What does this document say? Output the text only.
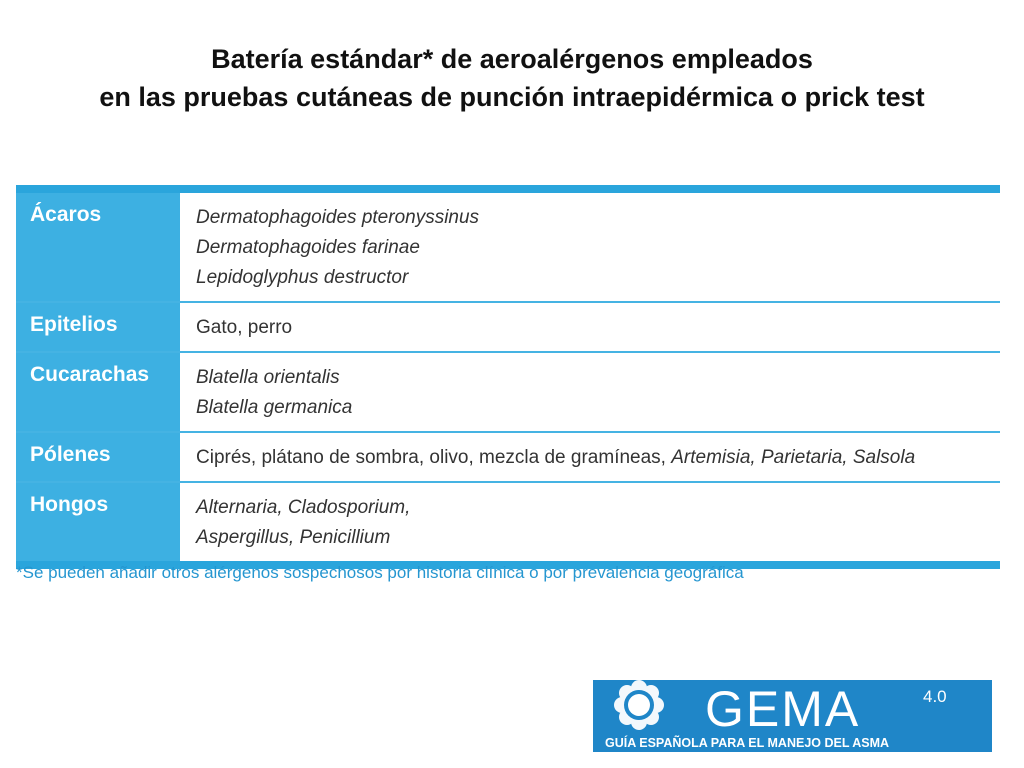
Batería estándar* de aeroalérgenos empleados
en las pruebas cutáneas de punción intraepidérmica o prick test
Ácaros	Dermatophagoides pteronyssinus
Dermatophagoides farinae
Lepidoglyphus destructor
Epitelios	Gato, perro
Cucarachas	Blatella orientalis
Blatella germanica
Pólenes	Ciprés, plátano de sombra, olivo, mezcla de gramíneas, Artemisia, Parietaria, Salsola
Hongos	Alternaria, Cladosporium,
Aspergillus, Penicillium
*Se pueden añadir otros alérgenos sospechosos por historia clínica o por prevalencia geográfica
GEMA	4.0
GUÍA ESPAÑOLA PARA EL MANEJO DEL ASMA
